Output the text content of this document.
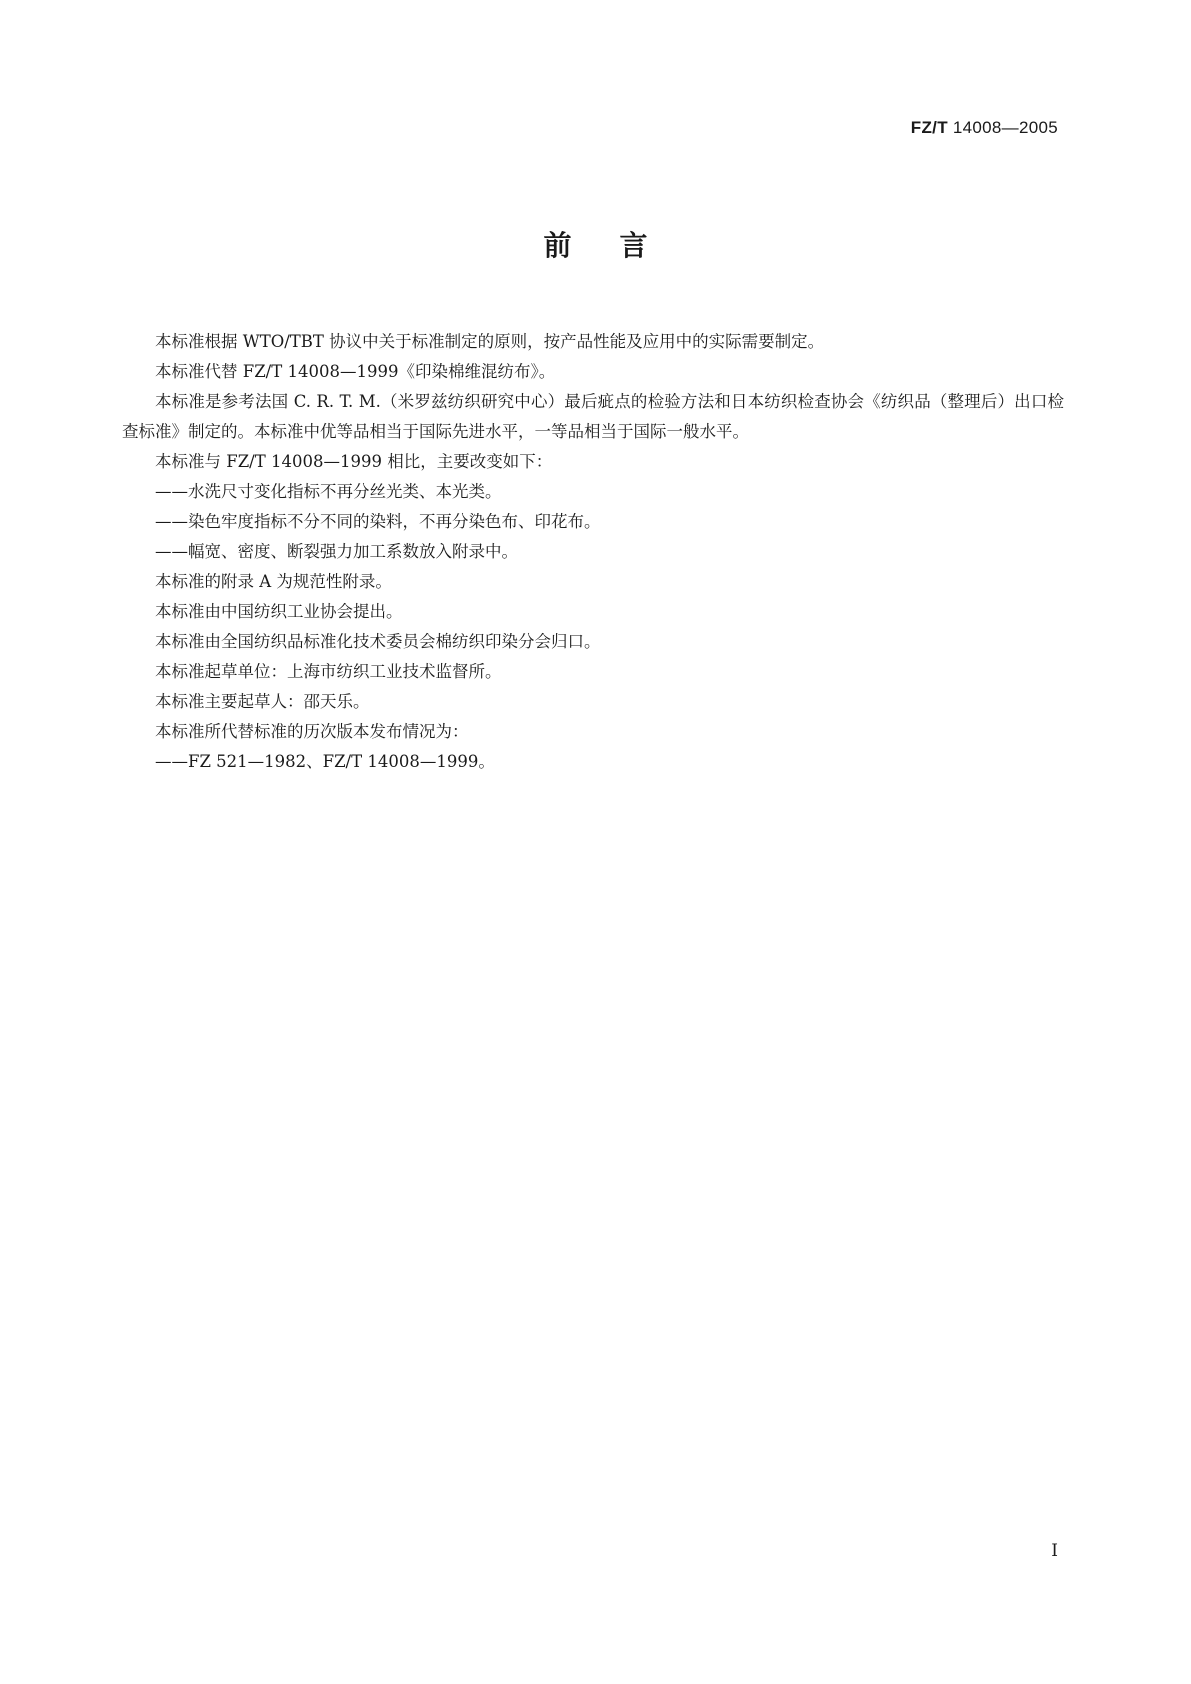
FZ/T 14008—2005
前言

本标准根据 WTO/TBT 协议中关于标准制定的原则，按产品性能及应用中的实际需要制定。

本标准代替 FZ/T 14008—1999《印染棉维混纺布》。

本标准是参考法国 C. R. T. M.（米罗兹纺织研究中心）最后疵点的检验方法和日本纺织检查协会《纺织品（整理后）出口检查标准》制定的。本标准中优等品相当于国际先进水平，一等品相当于国际一般水平。

本标准与 FZ/T 14008—1999 相比，主要改变如下：

——水洗尺寸变化指标不再分丝光类、本光类。

——染色牢度指标不分不同的染料，不再分染色布、印花布。

——幅宽、密度、断裂强力加工系数放入附录中。

本标准的附录 A 为规范性附录。

本标准由中国纺织工业协会提出。

本标准由全国纺织品标准化技术委员会棉纺织印染分会归口。

本标准起草单位：上海市纺织工业技术监督所。

本标准主要起草人：邵天乐。

本标准所代替标准的历次版本发布情况为：

——FZ 521—1982、FZ/T 14008—1999。

I
